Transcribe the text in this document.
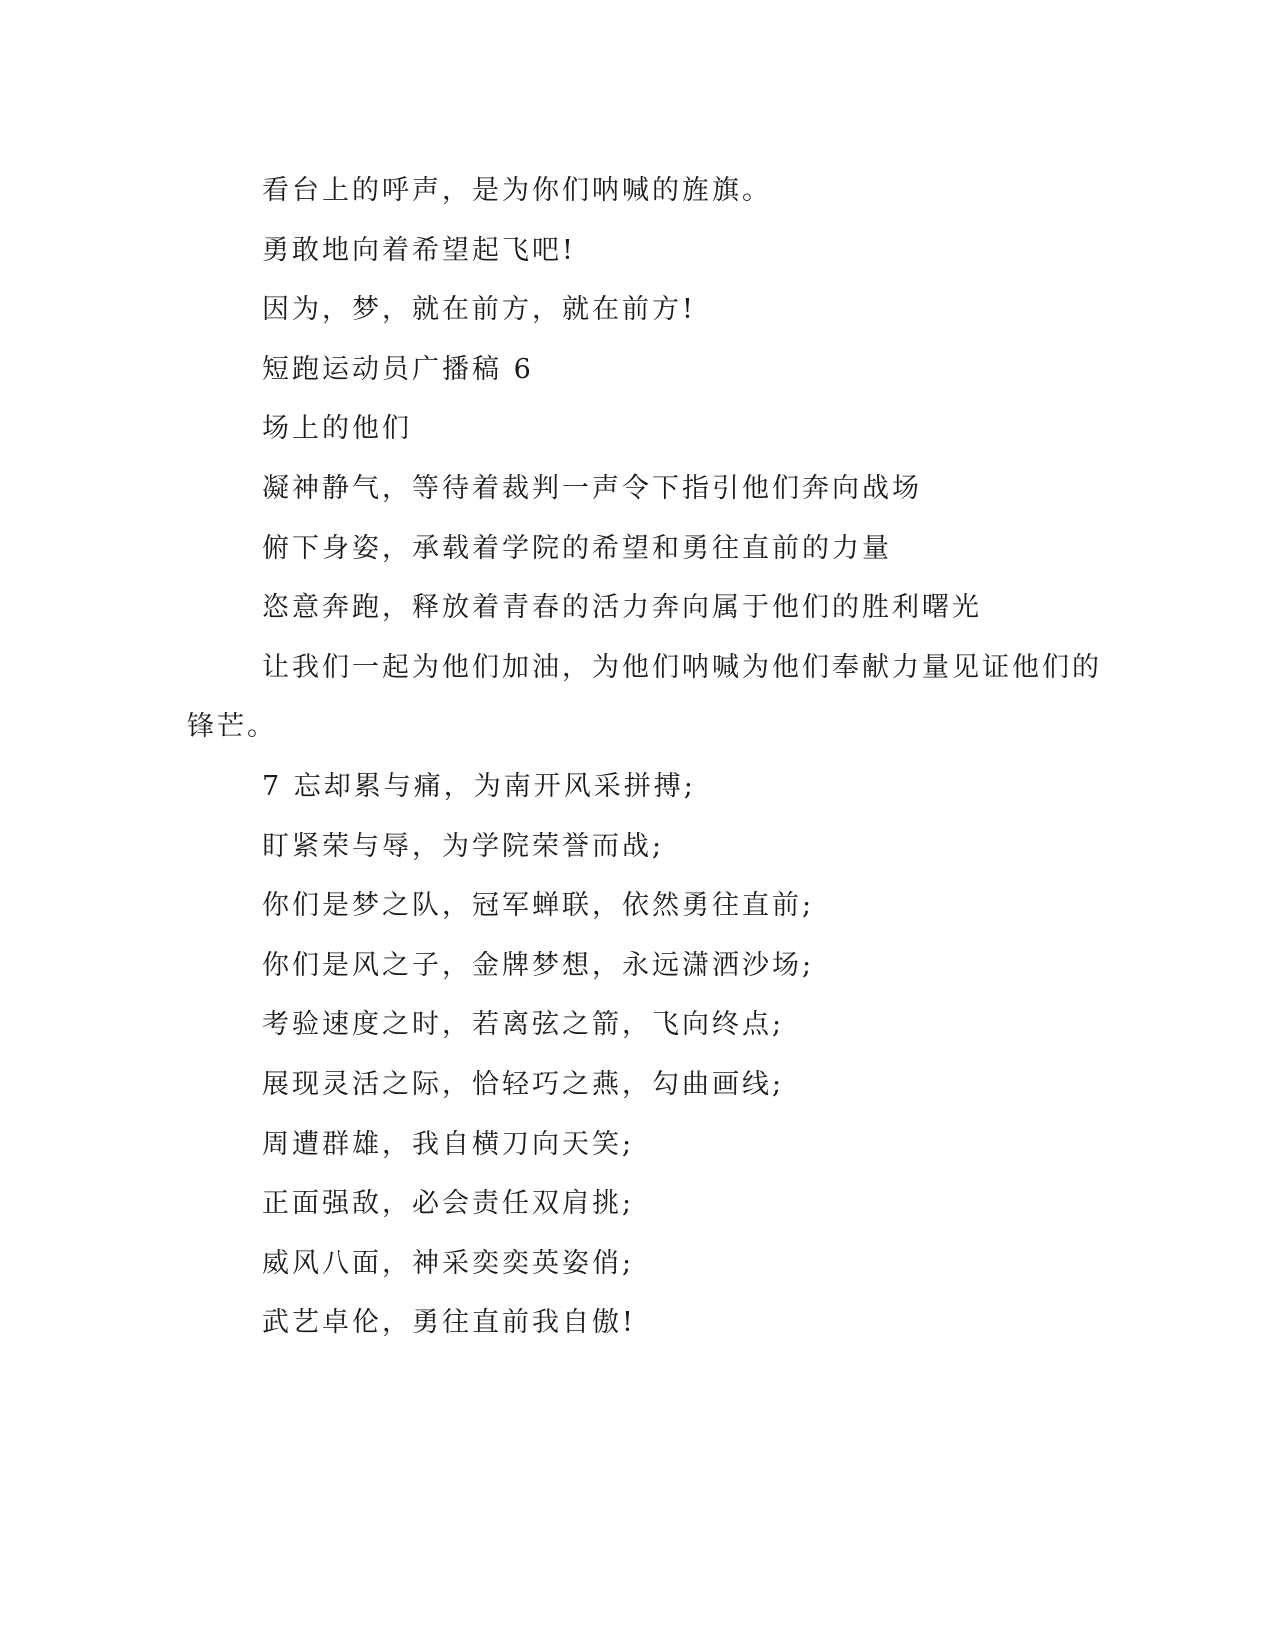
看台上的呼声，是为你们呐喊的旌旗。
勇敢地向着希望起飞吧!
因为，梦，就在前方，就在前方!
短跑运动员广播稿 6
场上的他们
凝神静气，等待着裁判一声令下指引他们奔向战场
俯下身姿，承载着学院的希望和勇往直前的力量
恣意奔跑，释放着青春的活力奔向属于他们的胜利曙光
让我们一起为他们加油，为他们呐喊为他们奉献力量见证他们的
锋芒。
7 忘却累与痛，为南开风采拼搏;
盯紧荣与辱，为学院荣誉而战;
你们是梦之队，冠军蝉联，依然勇往直前;
你们是风之子，金牌梦想，永远潇洒沙场;
考验速度之时，若离弦之箭，飞向终点;
展现灵活之际，恰轻巧之燕，勾曲画线;
周遭群雄，我自横刀向天笑;
正面强敌，必会责任双肩挑;
威风八面，神采奕奕英姿俏;
武艺卓伦，勇往直前我自傲!
